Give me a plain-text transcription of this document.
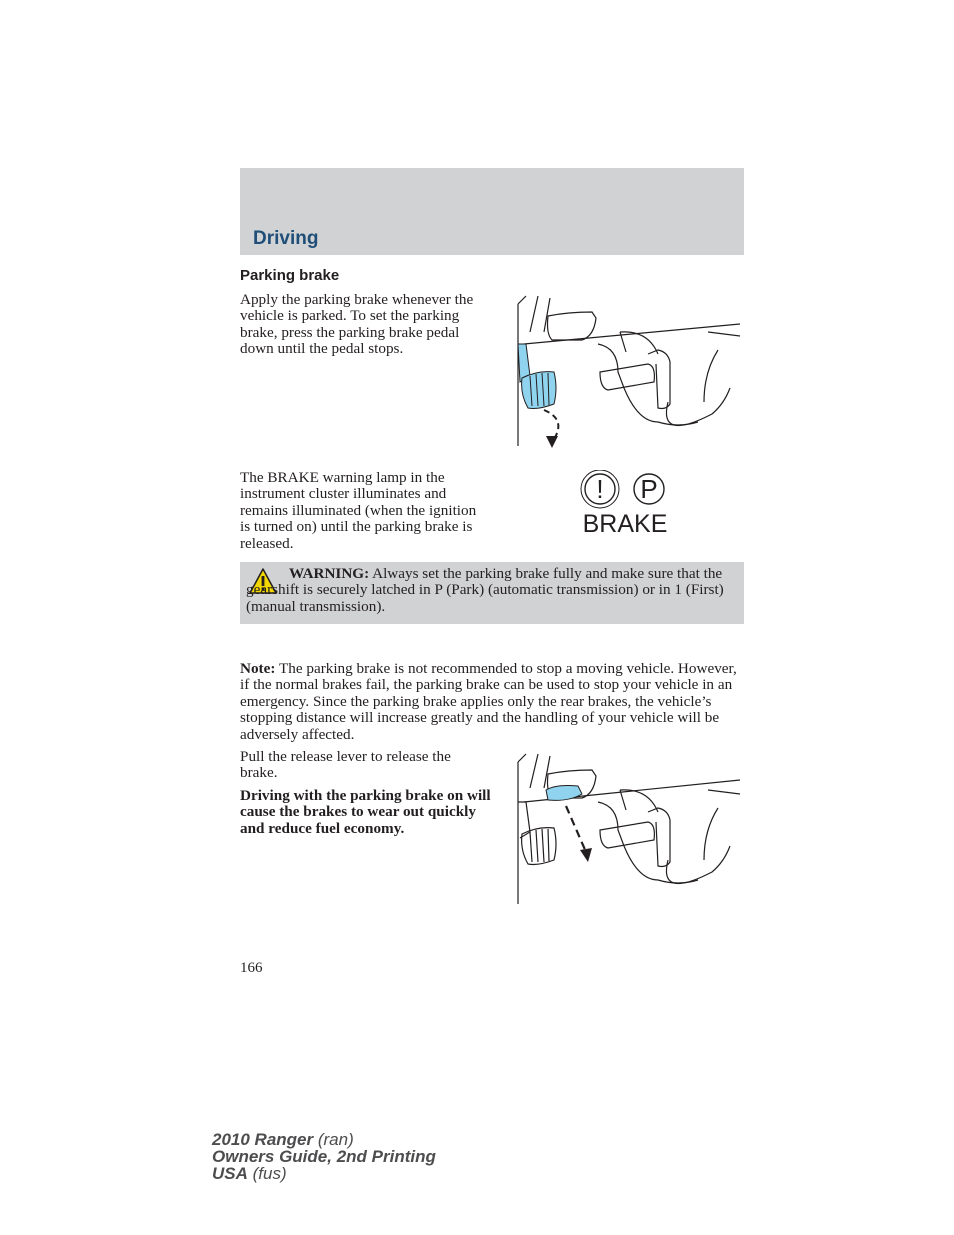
Driving
Parking brake

Apply the parking brake whenever the vehicle is parked. To set the parking brake, press the parking brake pedal down until the pedal stops.

The BRAKE warning lamp in the instrument cluster illuminates and remains illuminated (when the ignition is turned on) until the parking brake is released.

! P
BRAKE

WARNING: Always set the parking brake fully and make sure that the gearshift is securely latched in P (Park) (automatic transmission) or in 1 (First) (manual transmission).

Note: The parking brake is not recommended to stop a moving vehicle. However, if the normal brakes fail, the parking brake can be used to stop your vehicle in an emergency. Since the parking brake applies only the rear brakes, the vehicle’s stopping distance will increase greatly and the handling of your vehicle will be adversely affected.

Pull the release lever to release the brake.

Driving with the parking brake on will cause the brakes to wear out quickly and reduce fuel economy.

166

2010 Ranger (ran)
Owners Guide, 2nd Printing
USA (fus)
